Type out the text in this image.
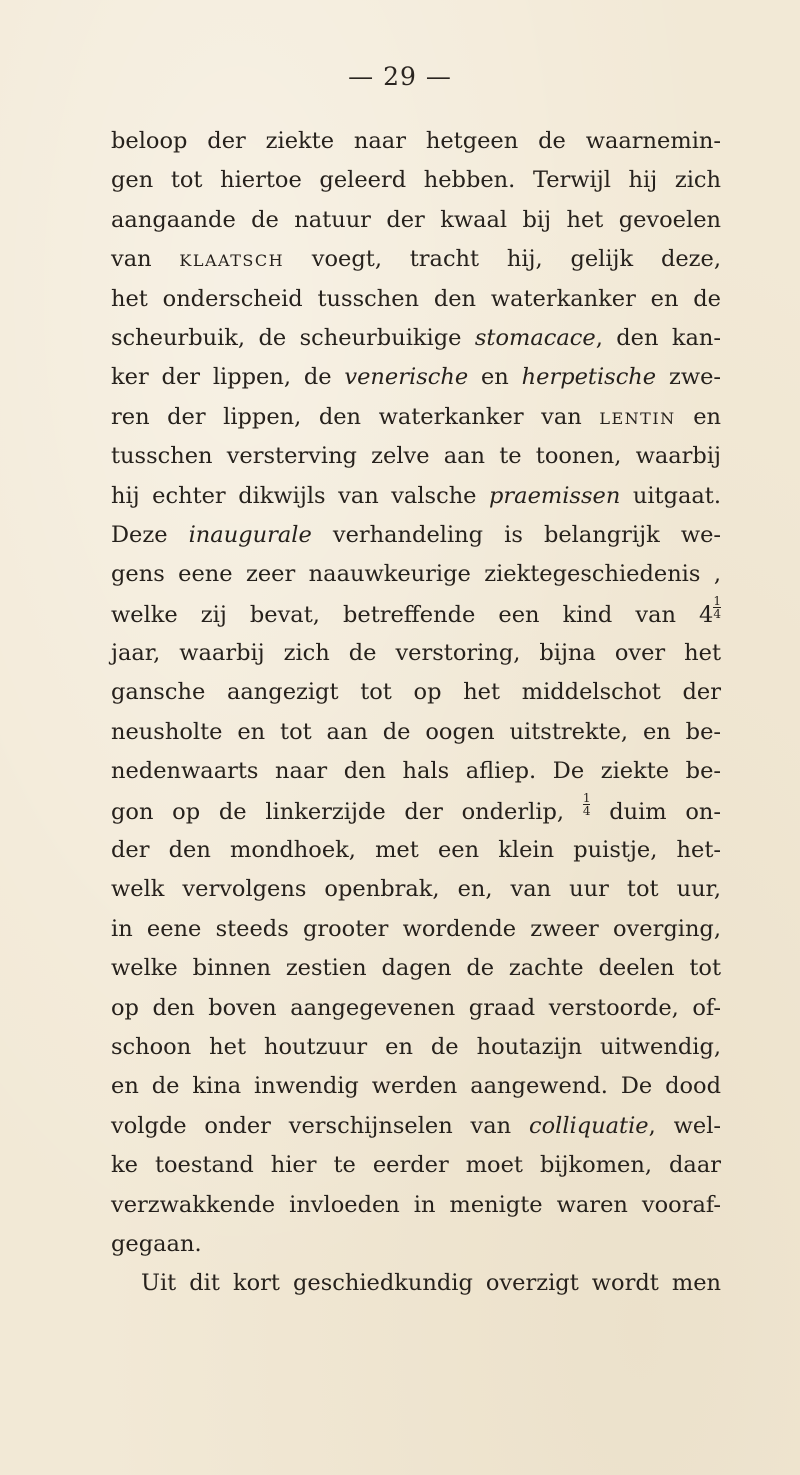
— 29 —
beloop der ziekte naar hetgeen de waarnemin-
gen tot hiertoe geleerd hebben. Terwijl hij zich
aangaande de natuur der kwaal bij het gevoelen
van klaatsch voegt, tracht hij, gelijk deze,
het onderscheid tusschen den waterkanker en de
scheurbuik, de scheurbuikige stomacace, den kan-
ker der lippen, de venerische en herpetische zwe-
ren der lippen, den waterkanker van lentin en
tusschen versterving zelve aan te toonen, waarbij
hij echter dikwijls van valsche praemissen uitgaat.
Deze inaugurale verhandeling is belangrijk we-
gens eene zeer naauwkeurige ziektegeschiedenis ,
welke zij bevat, betreffende een kind van $4 \frac{1}{4}$
jaar, waarbij zich de verstoring, bijna over het
gansche aangezigt tot op het middelschot der
neusholte en tot aan de oogen uitstrekte, en be-
nedenwaarts naar den hals afliep. De ziekte be-
gon op de linkerzijde der onderlip, $\frac{1}{4}$ duim on-
der den mondhoek, met een klein puistje, het-
welk vervolgens openbrak, en, van uur tot uur,
in eene steeds grooter wordende zweer overging,
welke binnen zestien dagen de zachte deelen tot
op den boven aangegevenen graad verstoorde, of-
schoon het houtzuur en de houtazijn uitwendig,
en de kina inwendig werden aangewend. De dood
volgde onder verschijnselen van colliquatie, wel-
ke toestand hier te eerder moet bijkomen, daar
verzwakkende invloeden in menigte waren vooraf-
gegaan.
Uit dit kort geschiedkundig overzigt wordt men
